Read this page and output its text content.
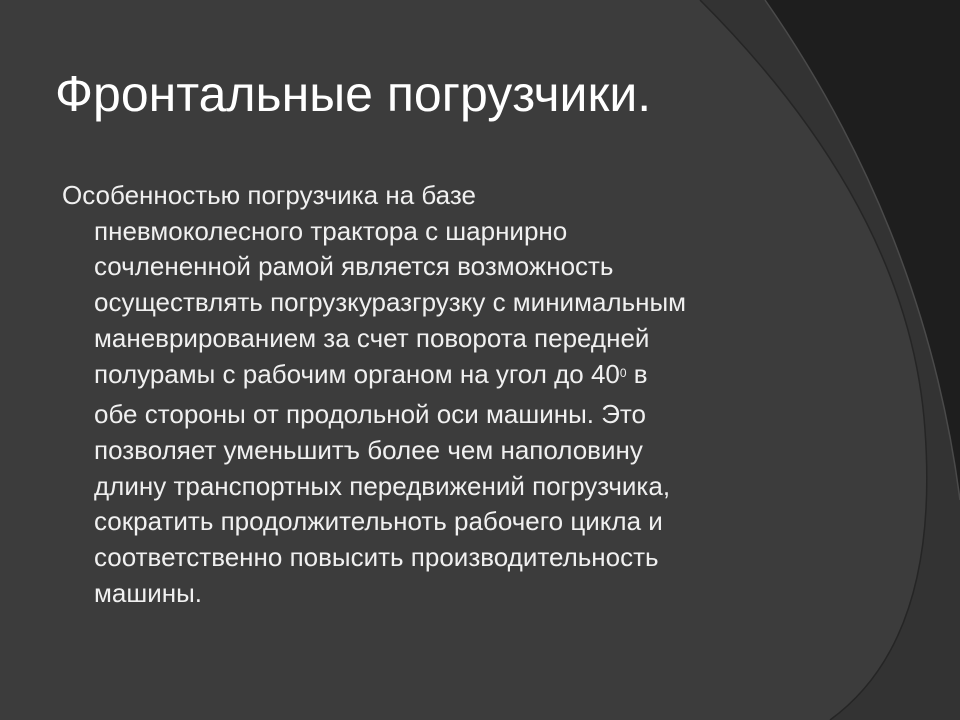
Фронтальные погрузчики.

Особенностью погрузчика на базе
пневмоколесного трактора с шарнирно
сочлененной рамой является возможность
осуществлять погрузкуразгрузку с минимальным
маневрированием за счет поворота передней
полурамы с рабочим органом на угол до $40^0$ в
обе стороны от продольной оси машины. Это
позволяет уменьшитъ более чем наполовину
длину транспортных передвижений погрузчика,
сократить продолжительноть рабочего цикла и
соответственно повысить производительность
машины.
